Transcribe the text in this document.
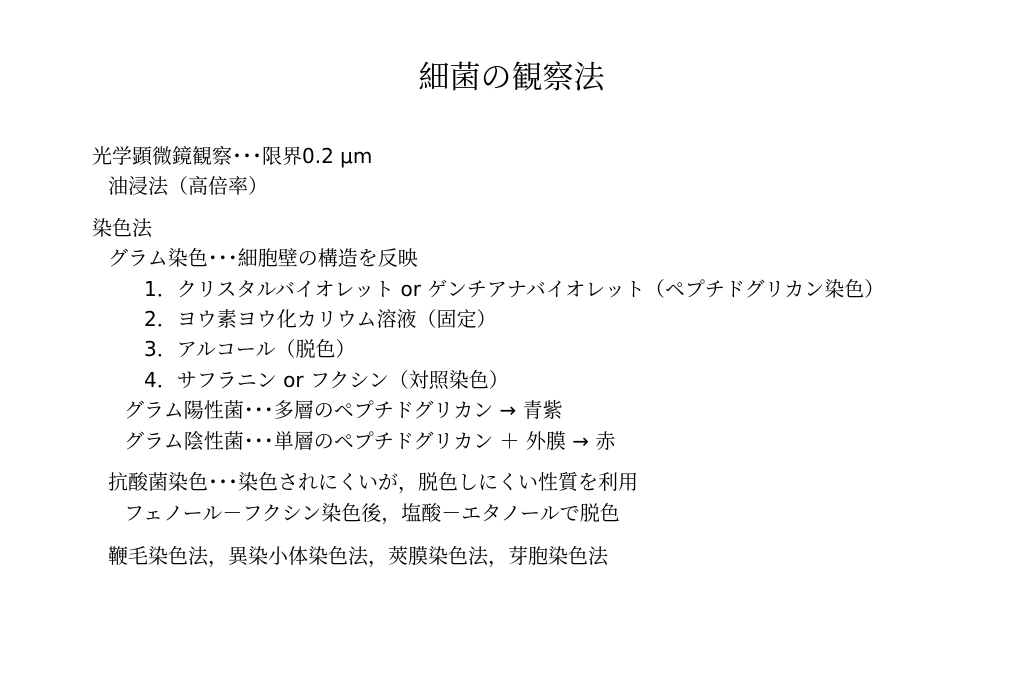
細菌の観察法
光学顕微鏡観察･･･限界0.2 μm
油浸法（高倍率）
染色法
グラム染色･･･細胞壁の構造を反映
1．クリスタルバイオレット or ゲンチアナバイオレット（ペプチドグリカン染色）
2．ヨウ素ヨウ化カリウム溶液（固定）
3．アルコール（脱色）
4．サフラニン or フクシン（対照染色）
グラム陽性菌･･･多層のペプチドグリカン → 青紫
グラム陰性菌･･･単層のペプチドグリカン ＋ 外膜 → 赤
抗酸菌染色･･･染色されにくいが，脱色しにくい性質を利用
フェノール－フクシン染色後，塩酸－エタノールで脱色
鞭毛染色法，異染小体染色法，莢膜染色法，芽胞染色法
